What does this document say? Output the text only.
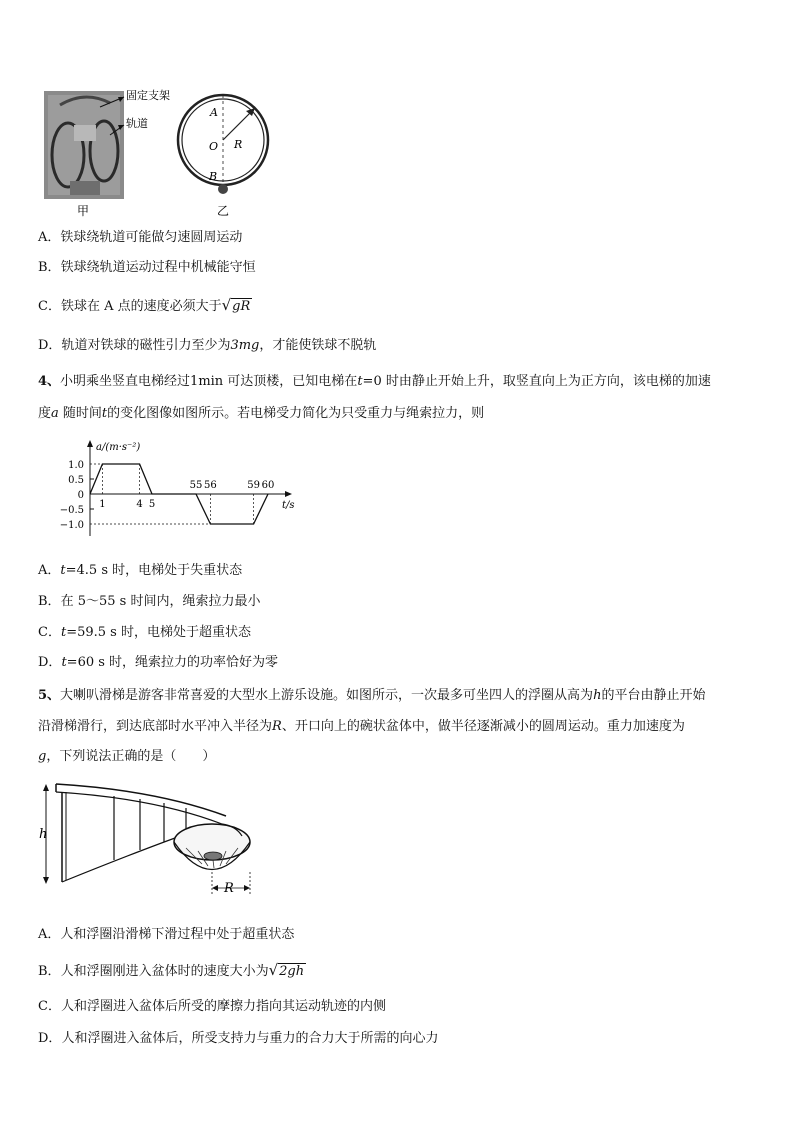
固定支架
轨道
甲
A
O
B
R
乙
A．铁球绕轨道可能做匀速圆周运动
B．铁球绕轨道运动过程中机械能守恒
C．铁球在 A 点的速度必须大于√gR
D．轨道对铁球的磁性引力至少为3mg，才能使铁球不脱轨
4、小明乘坐竖直电梯经过1min 可达顶楼，已知电梯在t=0 时由静止开始上升，取竖直向上为正方向，该电梯的加速
度a 随时间t的变化图像如图所示。若电梯受力简化为只受重力与绳索拉力，则
a/(m·s⁻²)
t/s
1.0
0.5
0
−0.5
−1.0
1	4 5
55 56	59 60
A．t=4.5 s 时，电梯处于失重状态
B．在 5～55 s 时间内，绳索拉力最小
C．t=59.5 s 时，电梯处于超重状态
D．t=60 s 时，绳索拉力的功率恰好为零
5、大喇叭滑梯是游客非常喜爱的大型水上游乐设施。如图所示，一次最多可坐四人的浮圈从高为h的平台由静止开始
沿滑梯滑行，到达底部时水平冲入半径为R、开口向上的碗状盆体中，做半径逐渐减小的圆周运动。重力加速度为
g，下列说法正确的是（　　）
h
R
A．人和浮圈沿滑梯下滑过程中处于超重状态
B．人和浮圈刚进入盆体时的速度大小为√2gh
C．人和浮圈进入盆体后所受的摩擦力指向其运动轨迹的内侧
D．人和浮圈进入盆体后，所受支持力与重力的合力大于所需的向心力
